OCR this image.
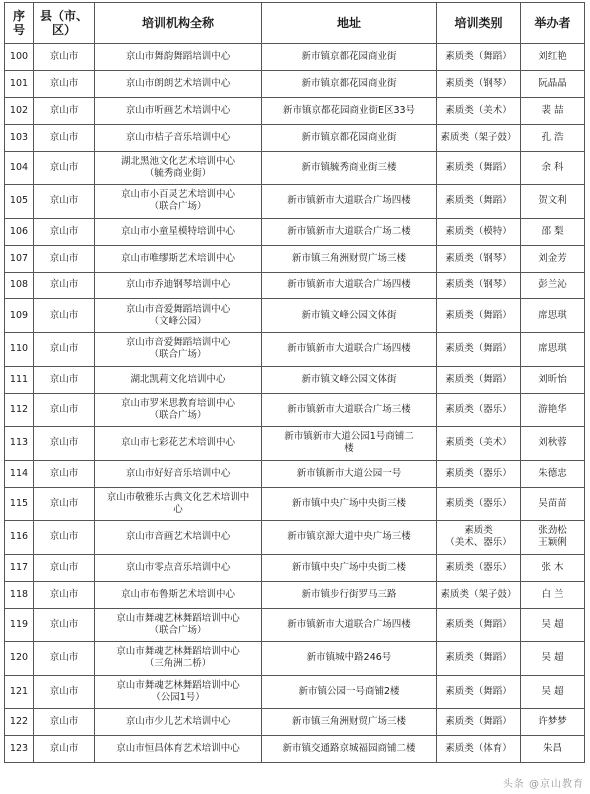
序
号	县（市、
区）	培训机构全称	地址	培训类别	举办者
100	京山市	京山市舞韵舞蹈培训中心	新市镇京都花园商业街	素质类（舞蹈）	刘红艳

101	京山市	京山市朗朗艺术培训中心	新市镇京都花园商业街	素质类（钢琴）	阮晶晶

102	京山市	京山市听画艺术培训中心	新市镇京都花园商业街E区33号	素质类（美术）	裴 喆

103	京山市	京山市桔子音乐培训中心	新市镇京都花园商业街	素质类（架子鼓）	孔 浩

104	京山市	湖北黑池文化艺术培训中心
（毓秀商业街）	新市镇毓秀商业街三楼	素质类（舞蹈）	余 科

105	京山市	京山市小百灵艺术培训中心
（联合广场）	新市镇新市大道联合广场四楼	素质类（舞蹈）	贺文利

106	京山市	京山市小童星模特培训中心	新市镇新市大道联合广场二楼	素质类（模特）	邵 梨

107	京山市	京山市唯缪斯艺术培训中心	新市镇三角洲财贸广场三楼	素质类（钢琴）	刘金芳

108	京山市	京山市乔迪钢琴培训中心	新市镇新市大道联合广场四楼	素质类（钢琴）	彭兰沁

109	京山市	京山市音爱舞蹈培训中心
（文峰公园）	新市镇文峰公园文体街	素质类（舞蹈）	席思琪

110	京山市	京山市音爱舞蹈培训中心
（联合广场）	新市镇新市大道联合广场四楼	素质类（舞蹈）	席思琪

111	京山市	湖北凯莉文化培训中心	新市镇文峰公园文体街	素质类（舞蹈）	刘昕怡

112	京山市	京山市罗米思教育培训中心
（联合广场）	新市镇新市大道联合广场三楼	素质类（器乐）	游艳华

113	京山市	京山市七彩花艺术培训中心	新市镇新市大道公园1号商铺二
楼	素质类（美术）	刘秋蓉

114	京山市	京山市好好音乐培训中心	新市镇新市大道公园一号	素质类（器乐）	朱德忠

115	京山市	京山市敬雅乐古典文化艺术培训中
心	新市镇中央广场中央街三楼	素质类（器乐）	吴苗苗

116	京山市	京山市音画艺术培训中心	新市镇京源大道中央广场三楼	素质类
（美术、器乐）	张劲松
王颖俐

117	京山市	京山市零点音乐培训中心	新市镇中央广场中央街二楼	素质类（器乐）	张 木

118	京山市	京山市布鲁斯艺术培训中心	新市镇步行街罗马三路	素质类（架子鼓）	白 兰

119	京山市	京山市舞魂艺林舞蹈培训中心
（联合广场）	新市镇新市大道联合广场四楼	素质类（舞蹈）	吴 超

120	京山市	京山市舞魂艺林舞蹈培训中心
（三角洲二桥）	新市镇城中路246号	素质类（舞蹈）	吴 超

121	京山市	京山市舞魂艺林舞蹈培训中心
（公园1号）	新市镇公园一号商铺2楼	素质类（舞蹈）	吴 超

122	京山市	京山市少儿艺术培训中心	新市镇三角洲财贸广场三楼	素质类（舞蹈）	许梦梦

123	京山市	京山市恒昌体育艺术培训中心	新市镇交通路京城福园商铺二楼	素质类（体育）	朱昌
头条 @京山教育
